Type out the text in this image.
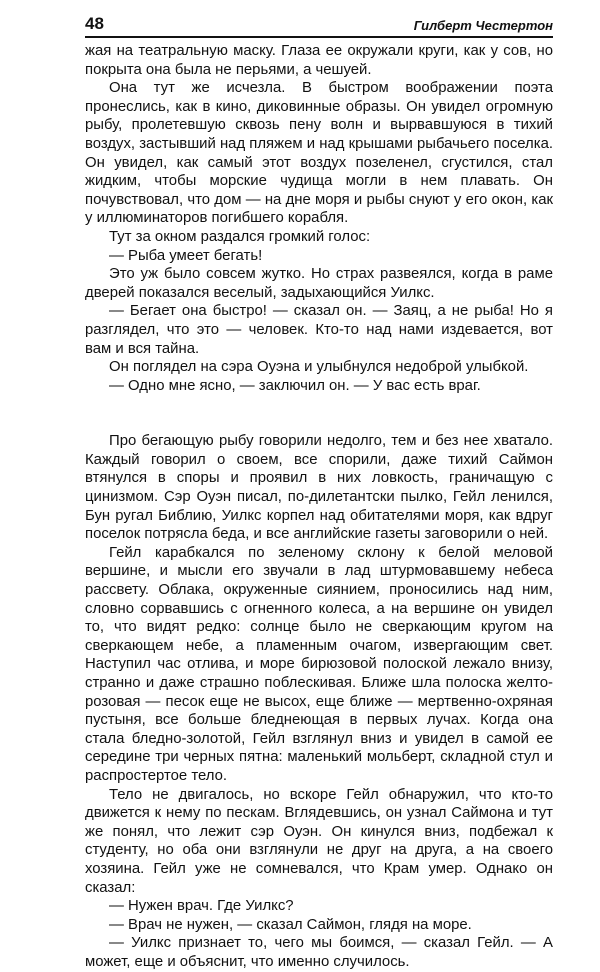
48	Гилберт Честертон

жая на театральную маску. Глаза ее окружали круги, как у сов, но покрыта она была не перьями, а чешуей.

Она тут же исчезла. В быстром воображении поэта пронеслись, как в кино, диковинные образы. Он увидел огромную рыбу, пролетевшую сквозь пену волн и вырвавшуюся в тихий воздух, застывший над пляжем и над крышами рыбачьего поселка. Он увидел, как самый этот воздух позеленел, сгустился, стал жидким, чтобы морские чудища могли в нем плавать. Он почувствовал, что дом — на дне моря и рыбы снуют у его окон, как у иллюминаторов погибшего корабля.

Тут за окном раздался громкий голос:

— Рыба умеет бегать!

Это уж было совсем жутко. Но страх развеялся, когда в раме дверей показался веселый, задыхающийся Уилкс.

— Бегает она быстро! — сказал он. — Заяц, а не рыба! Но я разглядел, что это — человек. Кто-то над нами издевается, вот вам и вся тайна.

Он поглядел на сэра Оуэна и улыбнулся недоброй улыбкой.

— Одно мне ясно, — заключил он. — У вас есть враг.

Про бегающую рыбу говорили недолго, тем и без нее хватало. Каждый говорил о своем, все спорили, даже тихий Саймон втянулся в споры и проявил в них ловкость, граничащую с цинизмом. Сэр Оуэн писал, по-дилетантски пылко, Гейл ленился, Бун ругал Библию, Уилкс корпел над обитателями моря, как вдруг поселок потрясла беда, и все английские газеты заговорили о ней.

Гейл карабкался по зеленому склону к белой меловой вершине, и мысли его звучали в лад штурмовавшему небеса рассвету. Облака, окруженные сиянием, проносились над ним, словно сорвавшись с огненного колеса, а на вершине он увидел то, что видят редко: солнце было не сверкающим кругом на сверкающем небе, а пламенным очагом, извергающим свет. Наступил час отлива, и море бирюзовой полоской лежало внизу, странно и даже страшно поблескивая. Ближе шла полоска желто-розовая — песок еще не высох, еще ближе — мертвенно-охряная пустыня, все больше бледнеющая в первых лучах. Когда она стала бледно-золотой, Гейл взглянул вниз и увидел в самой ее середине три черных пятна: маленький мольберт, складной стул и распростертое тело.

Тело не двигалось, но вскоре Гейл обнаружил, что кто-то движется к нему по пескам. Вглядевшись, он узнал Саймона и тут же понял, что лежит сэр Оуэн. Он кинулся вниз, подбежал к студенту, но оба они взглянули не друг на друга, а на своего хозяина. Гейл уже не сомневался, что Крам умер. Однако он сказал:

— Нужен врач. Где Уилкс?

— Врач не нужен, — сказал Саймон, глядя на море.

— Уилкс признает то, чего мы боимся, — сказал Гейл. — А может, еще и объяснит, что именно случилось.
